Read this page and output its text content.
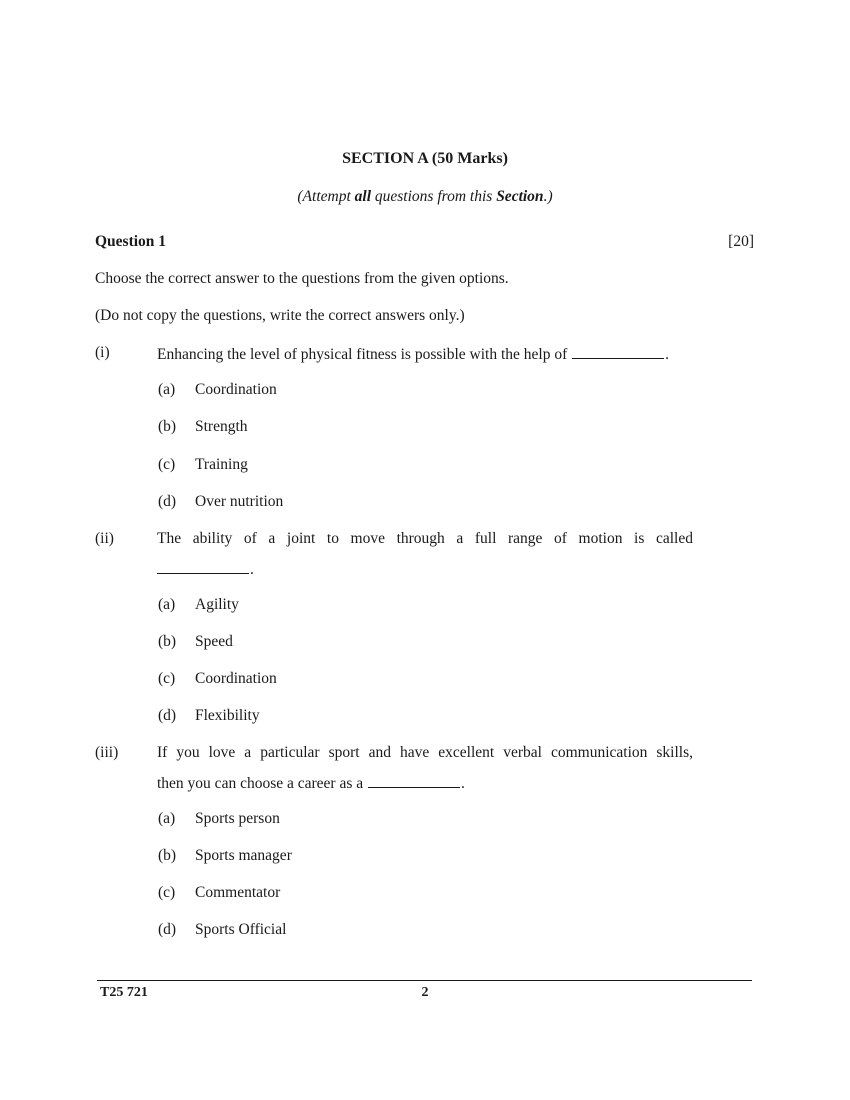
SECTION A (50 Marks)
(Attempt all questions from this Section.)
Question 1	[20]
Choose the correct answer to the questions from the given options.
(Do not copy the questions, write the correct answers only.)
(i)	Enhancing the level of physical fitness is possible with the help of	.
(a) Coordination
(b) Strength
(c) Training
(d) Over nutrition
(ii)	The ability of a joint to move through a full range of motion is called
.
(a) Agility
(b) Speed
(c) Coordination
(d) Flexibility
(iii)	If you love a particular sport and have excellent verbal communication skills,
then you can choose a career as a	.
(a) Sports person
(b) Sports manager
(c) Commentator
(d) Sports Official
T25 721	2
